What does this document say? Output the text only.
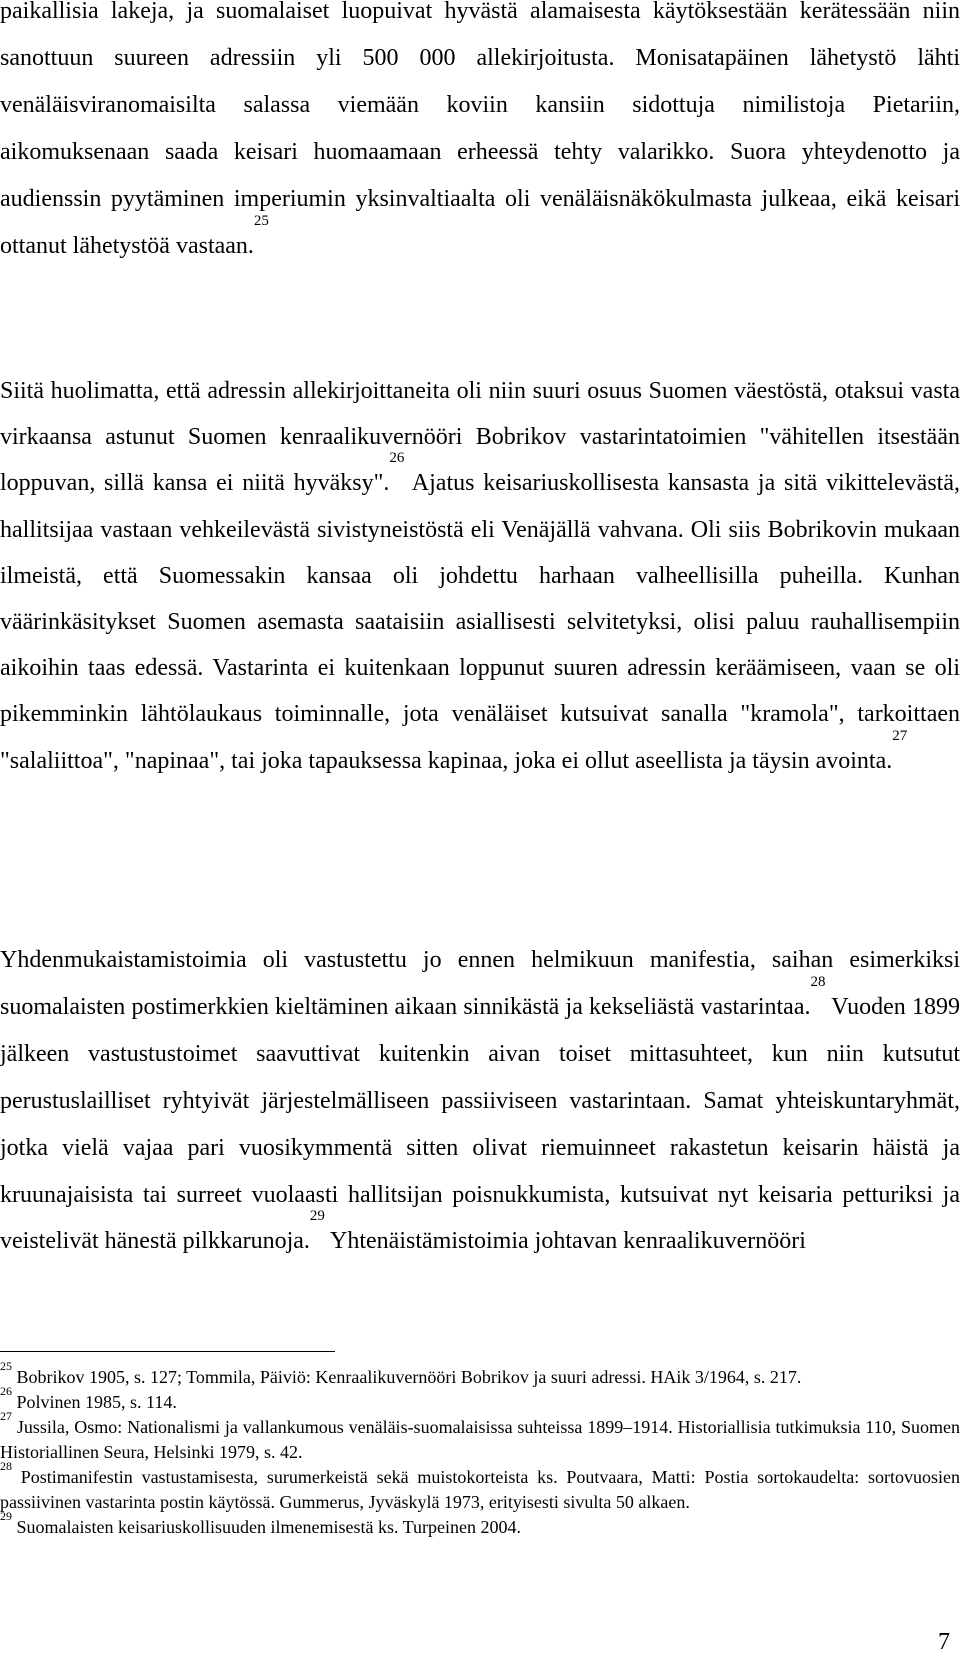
paikallisia lakeja, ja suomalaiset luopuivat hyvästä alamaisesta käytöksestään kerätessään niin sanottuun suureen adressiin yli 500 000 allekirjoitusta. Monisatapäinen lähetystö lähti venäläisviranomaisilta salassa viemään koviin kansiin sidottuja nimilistoja Pietariin, aikomuksenaan saada keisari huomaamaan erheessä tehty valarikko. Suora yhteydenotto ja audienssin pyytäminen imperiumin yksinvaltiaalta oli venäläisnäkökulmasta julkeaa, eikä keisari ottanut lähetystöä vastaan.$^{25}$

Siitä huolimatta, että adressin allekirjoittaneita oli niin suuri osuus Suomen väestöstä, otaksui vasta virkaansa astunut Suomen kenraalikuvernööri Bobrikov vastarintatoimien "vähitellen itsestään loppuvan, sillä kansa ei niitä hyväksy".$^{26}$ Ajatus keisariuskollisesta kansasta ja sitä vikittelevästä, hallitsijaa vastaan vehkeilevästä sivistyneistöstä eli Venäjällä vahvana. Oli siis Bobrikovin mukaan ilmeistä, että Suomessakin kansaa oli johdettu harhaan valheellisilla puheilla. Kunhan väärinkäsitykset Suomen asemasta saataisiin asiallisesti selvitetyksi, olisi paluu rauhallisempiin aikoihin taas edessä. Vastarinta ei kuitenkaan loppunut suuren adressin keräämiseen, vaan se oli pikemminkin lähtölaukaus toiminnalle, jota venäläiset kutsuivat sanalla "kramola", tarkoittaen "salaliittoa", "napinaa", tai joka tapauksessa kapinaa, joka ei ollut aseellista ja täysin avointa.$^{27}$

Yhdenmukaistamistoimia oli vastustettu jo ennen helmikuun manifestia, saihan esimerkiksi suomalaisten postimerkkien kieltäminen aikaan sinnikästä ja kekseliästä vastarintaa.$^{28}$ Vuoden 1899 jälkeen vastustustoimet saavuttivat kuitenkin aivan toiset mittasuhteet, kun niin kutsutut perustuslailliset ryhtyivät järjestelmälliseen passiiviseen vastarintaan. Samat yhteiskuntaryhmät, jotka vielä vajaa pari vuosikymmentä sitten olivat riemuinneet rakastetun keisarin häistä ja kruunajaisista tai surreet vuolaasti hallitsijan poisnukkumista, kutsuivat nyt keisaria petturiksi ja veistelivät hänestä pilkkarunoja.$^{29}$ Yhtenäistämistoimia johtavan kenraalikuvernööri

$^{25}$ Bobrikov 1905, s. 127; Tommila, Päiviö: Kenraalikuvernööri Bobrikov ja suuri adressi. HAik 3/1964, s. 217.

$^{26}$ Polvinen 1985, s. 114.

$^{27}$ Jussila, Osmo: Nationalismi ja vallankumous venäläis-suomalaisissa suhteissa 1899–1914. Historiallisia tutkimuksia 110, Suomen Historiallinen Seura, Helsinki 1979, s. 42.

$^{28}$ Postimanifestin vastustamisesta, surumerkeistä sekä muistokorteista ks. Poutvaara, Matti: Postia sortokaudelta: sortovuosien passiivinen vastarinta postin käytössä. Gummerus, Jyväskylä 1973, erityisesti sivulta 50 alkaen.

$^{29}$ Suomalaisten keisariuskollisuuden ilmenemisestä ks. Turpeinen 2004.

7
